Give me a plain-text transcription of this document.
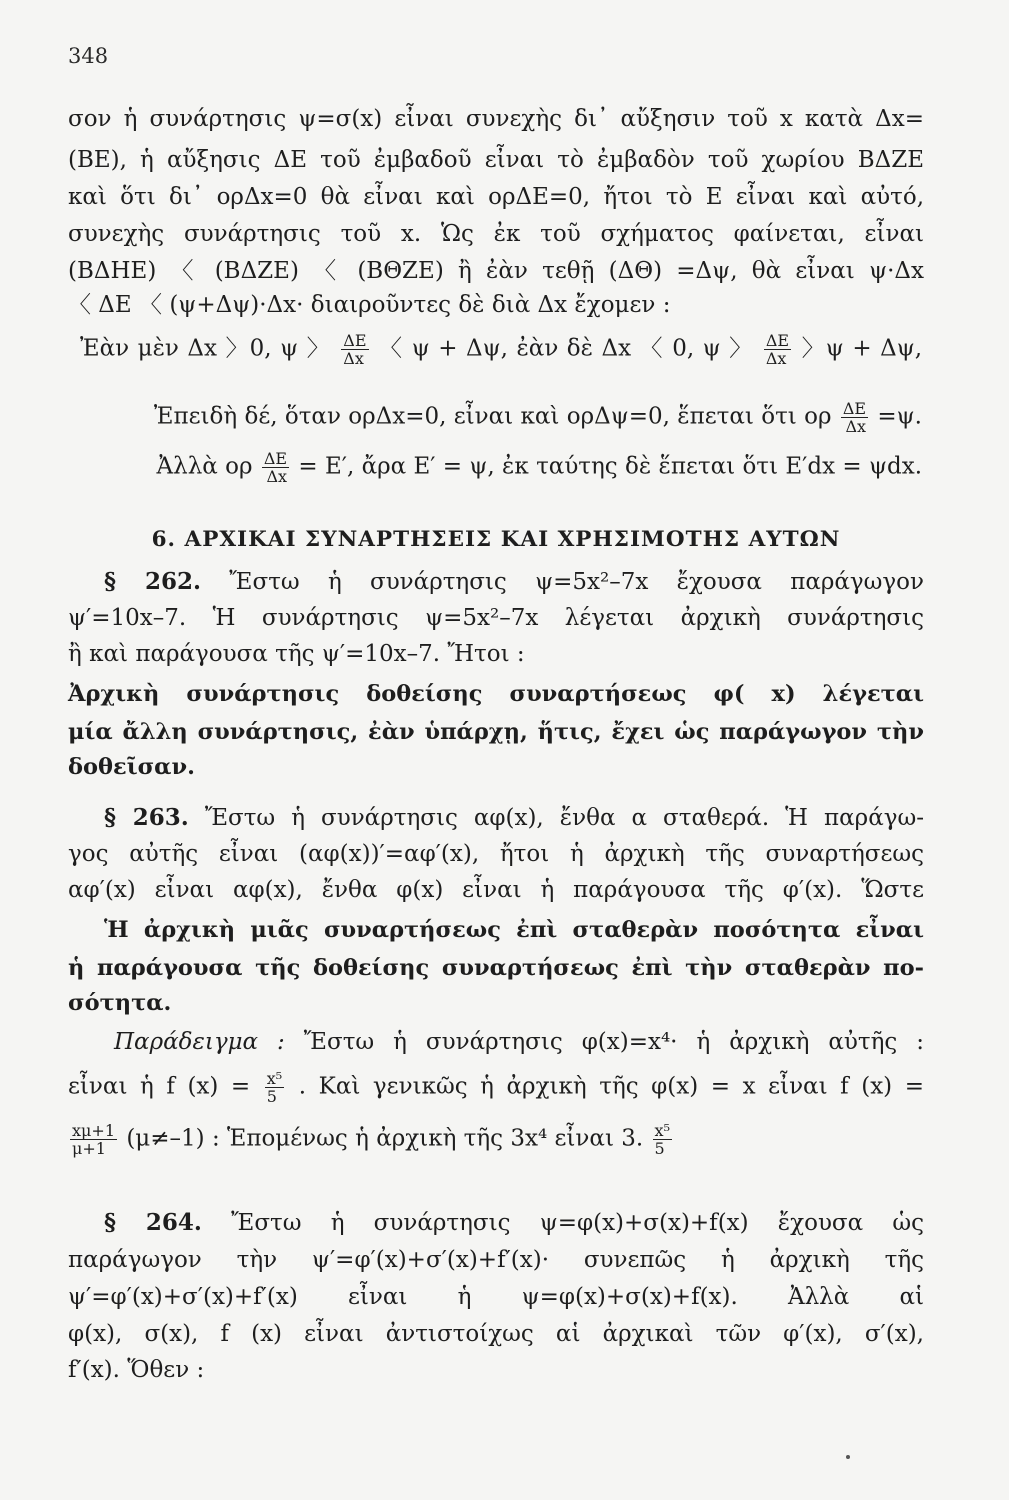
348
σον ἡ συνάρτησις ψ=σ(x) εἶναι συνεχὴς δι᾽ αὔξησιν τοῦ x κατὰ Δx=
(BE), ἡ αὔξησις ΔΕ τοῦ ἐμβαδοῦ εἶναι τὸ ἐμβαδὸν τοῦ χωρίου ΒΔΖΕ
καὶ ὅτι δι᾽ ορΔx=0 θὰ εἶναι καὶ ορΔΕ=0, ἤτοι τὸ Ε εἶναι καὶ αὐτό,
συνεχὴς συνάρτησις τοῦ x. Ὡς ἐκ τοῦ σχήματος φαίνεται, εἶναι
(ΒΔΗΕ) 〈 (ΒΔΖΕ) 〈 (ΒΘΖΕ) ἢ ἐὰν τεθῇ (ΔΘ) =Δψ, θὰ εἶναι ψ·Δx
〈 ΔΕ 〈 (ψ+Δψ)·Δx· διαιροῦντες δὲ διὰ Δx ἔχομεν :
Ἐὰν μὲν Δx 〉0, ψ 〉 $\frac{\Delta E}{\Delta x}$ 〈 ψ + Δψ, ἐὰν δὲ Δx 〈 0, ψ 〉 $\frac{\Delta E}{\Delta x}$ 〉ψ + Δψ,
Ἐπειδὴ δέ, ὅταν ορΔx=0, εἶναι καὶ ορΔψ=0, ἕπεται ὅτι ορ $\frac{\Delta E}{\Delta x} =\psi$.
Ἀλλὰ ορ $\frac{\Delta E}{\Delta x} = E'$, ἄρα Ε′ = ψ, ἐκ ταύτης δὲ ἕπεται ὅτι Ε′dx = ψdx.
6. ΑΡΧΙΚΑΙ ΣΥΝΑΡΤΗΣΕΙΣ ΚΑΙ ΧΡΗΣΙΜΟΤΗΣ ΑΥΤΩΝ
§ 262. Ἔστω ἡ συνάρτησις ψ=5x²–7x ἔχουσα παράγωγον
ψ′=10x–7. Ἡ συνάρτησις ψ=5x²–7x λέγεται ἀρχικὴ συνάρτησις
ἢ καὶ παράγουσα τῆς ψ′=10x–7. Ἤτοι :
Ἀρχικὴ συνάρτησις δοθείσης συναρτήσεως φ( x) λέγεται
μία ἄλλη συνάρτησις, ἐὰν ὑπάρχῃ, ἥτις, ἔχει ὡς παράγωγον τὴν
δοθεῖσαν.
§ 263. Ἔστω ἡ συνάρτησις αφ(x), ἔνθα α σταθερά. Ἡ παράγω-
γος αὐτῆς εἶναι (αφ(x))′=αφ′(x), ἤτοι ἡ ἀρχικὴ τῆς συναρτήσεως
αφ′(x) εἶναι αφ(x), ἔνθα φ(x) εἶναι ἡ παράγουσα τῆς φ′(x). Ὥστε
Ἡ ἀρχικὴ μιᾶς συναρτήσεως ἐπὶ σταθερὰν ποσότητα εἶναι
ἡ παράγουσα τῆς δοθείσης συναρτήσεως ἐπὶ τὴν σταθερὰν πο-
σότητα.
Παράδειγμα : Ἔστω ἡ συνάρτησις φ(x)=x⁴· ἡ ἀρχικὴ αὐτῆς :
εἶναι ἡ f $(x) = \frac{\text{x⁵}}{5}$ . Καὶ γενικῶς ἡ ἀρχικὴ τῆς φ(x) = x εἶναι f (x) =
$\frac{x\mu+1}{\mu+1} (\mu\ne-1)$ : Ἑπομένως ἡ ἀρχικὴ τῆς 3x⁴ εἶναι 3. $\frac{\text{x⁵}}{5}$
§ 264. Ἔστω ἡ συνάρτησις ψ=φ(x)+σ(x)+f(x) ἔχουσα ὡς
παράγωγον τὴν ψ′=φ′(x)+σ′(x)+f′(x)· συνεπῶς ἡ ἀρχικὴ τῆς
ψ′=φ′(x)+σ′(x)+f′(x) εἶναι ἡ ψ=φ(x)+σ(x)+f(x). Ἀλλὰ αἱ
φ(x), σ(x), f (x) εἶναι ἀντιστοίχως αἱ ἀρχικαὶ τῶν φ′(x), σ′(x),
f′(x). Ὅθεν :
